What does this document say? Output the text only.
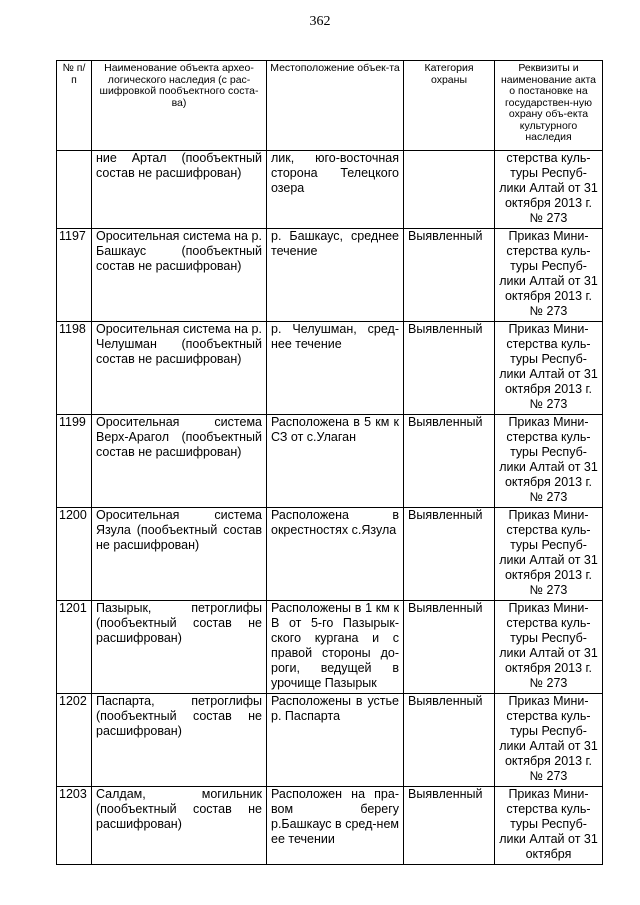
362
№ п/п	Наименование объекта архео-логического наследия (с рас-шифровкой пообъектного соста-ва)	Местоположение объек-та	Категория охраны	Реквизиты и наименование акта о постановке на государствен-ную охрану объ-екта культурного наследия
	ние Артал (пообъектный состав не расшифрован)	лик, юго-восточная сторона Телецкого озера		стерства куль-туры Респуб-лики Алтай от 31 октября 2013 г. № 273
1197	Оросительная система на р. Башкаус (пообъектный состав не расшифрован)	р. Башкаус, среднее течение	Выявленный	Приказ Мини-стерства куль-туры Респуб-лики Алтай от 31 октября 2013 г. № 273
1198	Оросительная система на р. Челушман (пообъектный состав не расшифрован)	р. Челушман, сред-нее течение	Выявленный	Приказ Мини-стерства куль-туры Респуб-лики Алтай от 31 октября 2013 г. № 273
1199	Оросительная система Верх-Арагол (пообъектный состав не расшифрован)	Расположена в 5 км к СЗ от с.Улаган	Выявленный	Приказ Мини-стерства куль-туры Респуб-лики Алтай от 31 октября 2013 г. № 273
1200	Оросительная система Язула (пообъектный состав не расшифрован)	Расположена в окрестностях с.Язула	Выявленный	Приказ Мини-стерства куль-туры Респуб-лики Алтай от 31 октября 2013 г. № 273
1201	Пазырык, петроглифы (пообъектный состав не расшифрован)	Расположены в 1 км к В от 5-го Пазырык-ского кургана и с правой стороны до-роги, ведущей в урочище Пазырык	Выявленный	Приказ Мини-стерства куль-туры Респуб-лики Алтай от 31 октября 2013 г. № 273
1202	Паспарта, петроглифы (пообъектный состав не расшифрован)	Расположены в устье р. Паспарта	Выявленный	Приказ Мини-стерства куль-туры Респуб-лики Алтай от 31 октября 2013 г. № 273
1203	Салдам, могильник (пообъектный состав не расшифрован)	Расположен на пра-вом берегу р.Башкаус в сред-нем ее течении	Выявленный	Приказ Мини-стерства куль-туры Респуб-лики Алтай от 31 октября
